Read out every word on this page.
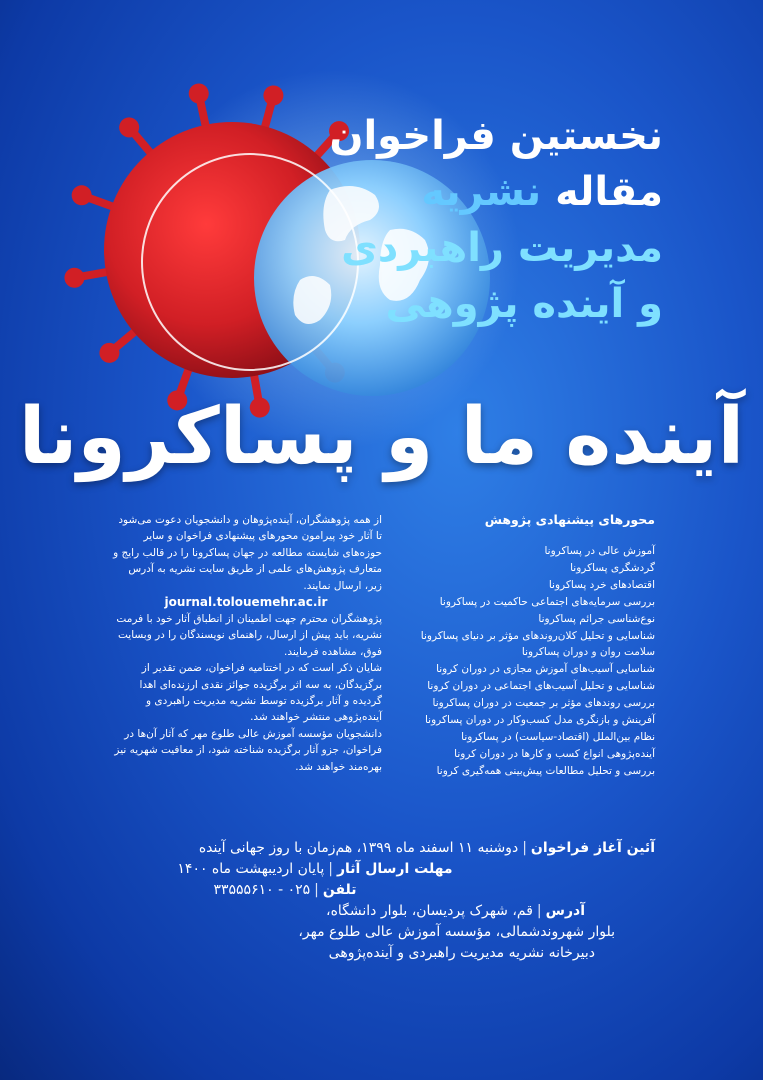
نخستین فراخوان
مقاله نشریه
مدیریت راهبردی
و آینده پژوهی
آینده ما و پساکرونا
محورهای پیشنهادی پژوهش
آموزش عالی در پساکرونا
گردشگری پساکرونا
اقتصادهای خرد پساکرونا
بررسی سرمایه‌های اجتماعی حاکمیت در پساکرونا
نوع‌شناسی جرائم پساکرونا
شناسایی و تحلیل کلان‌روندهای مؤثر بر دنیای پساکرونا
سلامت روان و دوران پساکرونا
شناسایی آسیب‌های آموزش مجازی در دوران کرونا
شناسایی و تحلیل آسیب‌های اجتماعی در دوران کرونا
بررسی روندهای مؤثر بر جمعیت در دوران پساکرونا
آفرینش و بازنگری مدل کسب‌وکار در دوران پساکرونا
نظام بین‌الملل (اقتصاد-سیاست) در پساکرونا
آینده‌پژوهی انواع کسب و کارها در دوران کرونا
بررسی و تحلیل مطالعات پیش‌بینی همه‌گیری کرونا

از همه پژوهشگران، آینده‌پژوهان و دانشجویان دعوت می‌شود تا آثار خود پیرامون محورهای پیشنهادی فراخوان و سایر حوزه‌های شایسته مطالعه در جهان پساکرونا را در قالب رایج و متعارف پژوهش‌های علمی از طریق سایت نشریه به آدرس زیر، ارسال نمایند.

journal.tolouemehr.ac.ir

پژوهشگران محترم جهت اطمینان از انطباق آثار خود با فرمت نشریه، باید پیش از ارسال، راهنمای نویسندگان را در وبسایت فوق، مشاهده فرمایند.

شایان ذکر است که در اختتامیه فراخوان، ضمن تقدیر از برگزیدگان، به سه اثر برگزیده جوائز نقدی ارزنده‌ای اهدا گردیده و آثار برگزیده توسط نشریه مدیریت راهبردی و آینده‌پژوهی منتشر خواهند شد.

دانشجویان مؤسسه آموزش عالی طلوع مهر که آثار آن‌ها در فراخوان، جزو آثار برگزیده شناخته شود، از معافیت شهریه نیز بهره‌مند خواهند شد.

آئین آغاز فراخوان|دوشنبه ۱۱ اسفند ماه ۱۳۹۹، هم‌زمان با روز جهانی آینده
مهلت ارسال آثار|پایان اردیبهشت ماه ۱۴۰۰
تلفن|۰۲۵ - ۳۳۵۵۵۶۱۰
آدرس|قم، شهرک پردیسان، بلوار دانشگاه،
بلوار شهروندشمالی، مؤسسه آموزش عالی طلوع مهر،
دبیرخانه نشریه مدیریت راهبردی و آینده‌پژوهی
